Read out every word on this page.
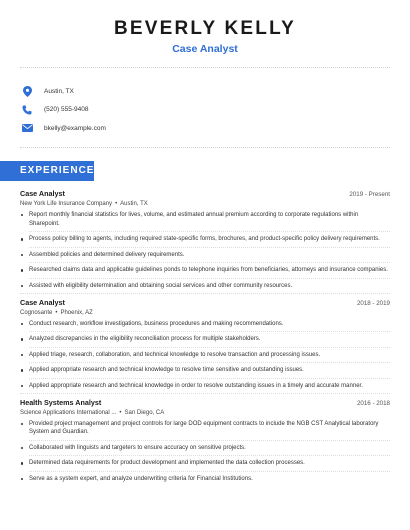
BEVERLY KELLY
Case Analyst
Austin, TX
(520) 555-9408
bkelly@example.com
EXPERIENCE
Case Analyst	2019 - Present
New York Life Insurance Company • Austin, TX
Report monthly financial statistics for lives, volume, and estimated annual premium according to corporate regulations within Sharepoint.
Process policy billing to agents, including required state-specific forms, brochures, and product-specific policy delivery requirements.
Assembled policies and determined delivery requirements.
Researched claims data and applicable guidelines ponds to telephone inquiries from beneficiaries, attorneys and insurance companies.
Assisted with eligibility determination and obtaining social services and other community resources.
Case Analyst	2018 - 2019
Cognosante • Phoenix, AZ
Conduct research, workflow investigations, business procedures and making recommendations.
Analyzed discrepancies in the eligibility reconciliation process for multiple stakeholders.
Applied triage, research, collaboration, and technical knowledge to resolve transaction and processing issues.
Applied appropriate research and technical knowledge to resolve time sensitive and outstanding issues.
Applied appropriate research and technical knowledge in order to resolve outstanding issues in a timely and accurate manner.
Health Systems Analyst	2016 - 2018
Science Applications International ... • San Diego, CA
Provided project management and project controls for large DOD equipment contracts to include the NGB CST Analytical laboratory System and Guardian.
Collaborated with linguists and targeters to ensure accuracy on sensitive projects.
Determined data requirements for product development and implemented the data collection processes.
Serve as a system expert, and analyze underwriting criteria for Financial Institutions.
